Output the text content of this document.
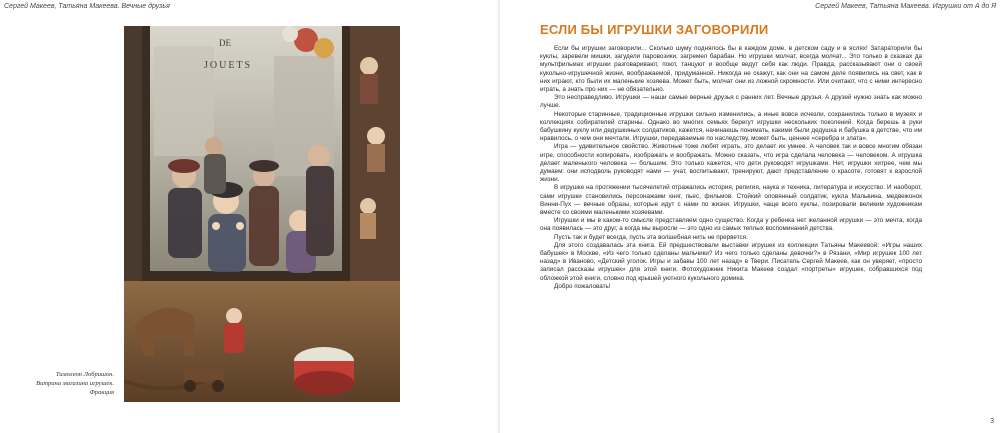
Сергей Макеев, Татьяна Макеева. Вечные друзья
DE
JOUETS
Тимолеон Лобришон.
Витрина магазина игрушек.
Франция
Сергей Макеев, Татьяна Макеева. Игрушки от А до Я
ЕСЛИ БЫ ИГРУШКИ ЗАГОВОРИЛИ

Если бы игрушки заговорили... Сколько шуму поднялось бы в каждом доме, в детском саду и в яслях! Затараторили бы куклы, заревели мишки, загудели паровозики, загремел барабан. Но игрушки молчат, всегда молчат... Это только в сказках да мультфильмах игрушки разговаривают, поют, танцуют и вообще ведут себя как люди. Правда, рассказывают они о своей кукольно-игрушечной жизни, воображаемой, придуманной. Никогда не скажут, как они на самом деле появились на свет, как в них играют, кто были их маленькие хозяева. Может быть, молчат они из ложной скромности. Или считают, что с ними интересно играть, а знать про них — не обязательно.

Это несправедливо. Игрушки — наши самые верные друзья с ранних лет. Вечные друзья. А друзей нужно знать как можно лучше.

Некоторые старинные, традиционные игрушки сильно изменились, а иные вовсе исчезли, сохранились только в музеях и коллекциях собирателей старины. Однако во многих семьях берегут игрушки нескольких поколений. Когда берешь в руки бабушкину куклу или дедушкиных солдатиков, кажется, начинаешь понимать, какими были дедушка и бабушка в детстве, что им нравилось, о чем они мечтали. Игрушки, передаваемые по наследству, может быть, ценнее «серебра и злата».

Игра — удивительное свойство. Животные тоже любят играть, это делает их умнее. А человек так и вовсе многим обязан игре, способности копировать, изображать и воображать. Можно сказать, что игра сделала человека — человеком. А игрушка делает маленького человека — большим. Это только кажется, что дети руководят игрушками. Нет, игрушки хитрее, чем мы думаем: они исподволь руководят нами — учат, воспитывают, тренируют, дают представление о красоте, готовят к взрослой жизни.

В игрушке на протяжении тысячелетий отражались история, религия, наука и техника, литература и искусство. И наоборот, сами игрушки становились персонажами книг, пьес, фильмов. Стойкий оловянный солдатик, кукла Мальвина, медвежонок Винни-Пух — вечные образы, которые идут с нами по жизни. Игрушки, чаще всего куклы, позировали великим художникам вместе со своими маленькими хозяевами.

Игрушки и мы в каком-то смысле представляем одно существо. Когда у ребенка нет желанной игрушки — это мечта, когда она появилась — это друг, а когда мы выросли — это одно из самых теплых воспоминаний детства.

Пусть так и будет всегда, пусть эта волшебная нить не прервется.

Для этого создавалась эта книга. Ей предшествовали выставки игрушек из коллекции Татьяны Макеевой: «Игры наших бабушек» в Москве, «Из чего только сделаны мальчики? Из чего только сделаны девочки?» в Рязани, «Мир игрушек 100 лет назад» в Иваново, «Детский уголок. Игры и забавы 100 лет назад» в Твери. Писатель Сергей Макеев, как он уверяет, «просто записал рассказы игрушек» для этой книги. Фотохудожник Никита Макеев создал «портреты» игрушек, собравшихся под обложкой этой книги, словно под крышей уютного кукольного домика.

Добро пожаловать!

3
